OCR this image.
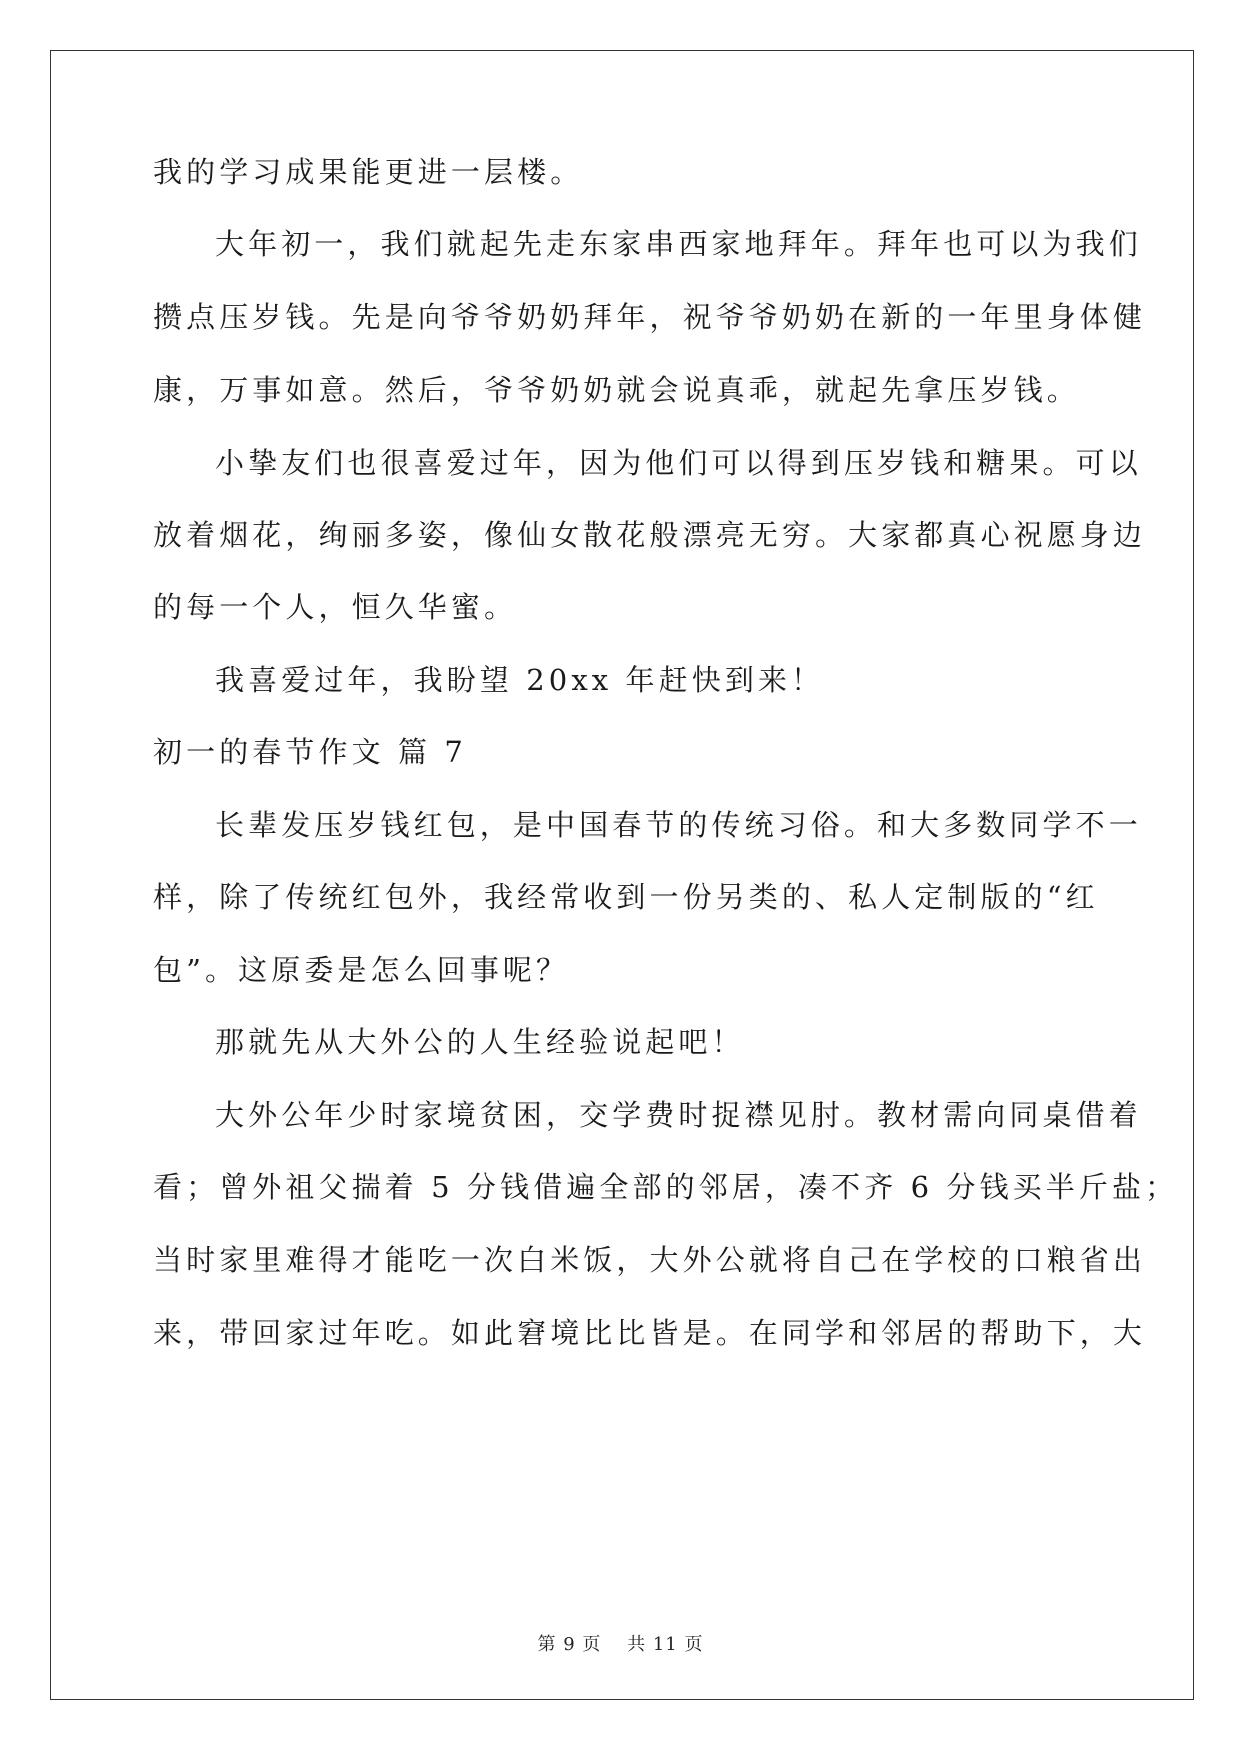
我的学习成果能更进一层楼。
大年初一，我们就起先走东家串西家地拜年。拜年也可以为我们
攒点压岁钱。先是向爷爷奶奶拜年，祝爷爷奶奶在新的一年里身体健
康，万事如意。然后，爷爷奶奶就会说真乖，就起先拿压岁钱。
小挚友们也很喜爱过年，因为他们可以得到压岁钱和糖果。可以
放着烟花，绚丽多姿，像仙女散花般漂亮无穷。大家都真心祝愿身边
的每一个人，恒久华蜜。
我喜爱过年，我盼望 20xx 年赶快到来！
初一的春节作文 篇 7
长辈发压岁钱红包，是中国春节的传统习俗。和大多数同学不一
样，除了传统红包外，我经常收到一份另类的、私人定制版的“红
包”。这原委是怎么回事呢？
那就先从大外公的人生经验说起吧！
大外公年少时家境贫困，交学费时捉襟见肘。教材需向同桌借着
看；曾外祖父揣着 5 分钱借遍全部的邻居，凑不齐 6 分钱买半斤盐；
当时家里难得才能吃一次白米饭，大外公就将自己在学校的口粮省出
来，带回家过年吃。如此窘境比比皆是。在同学和邻居的帮助下，大
第 9 页　 共 11 页
